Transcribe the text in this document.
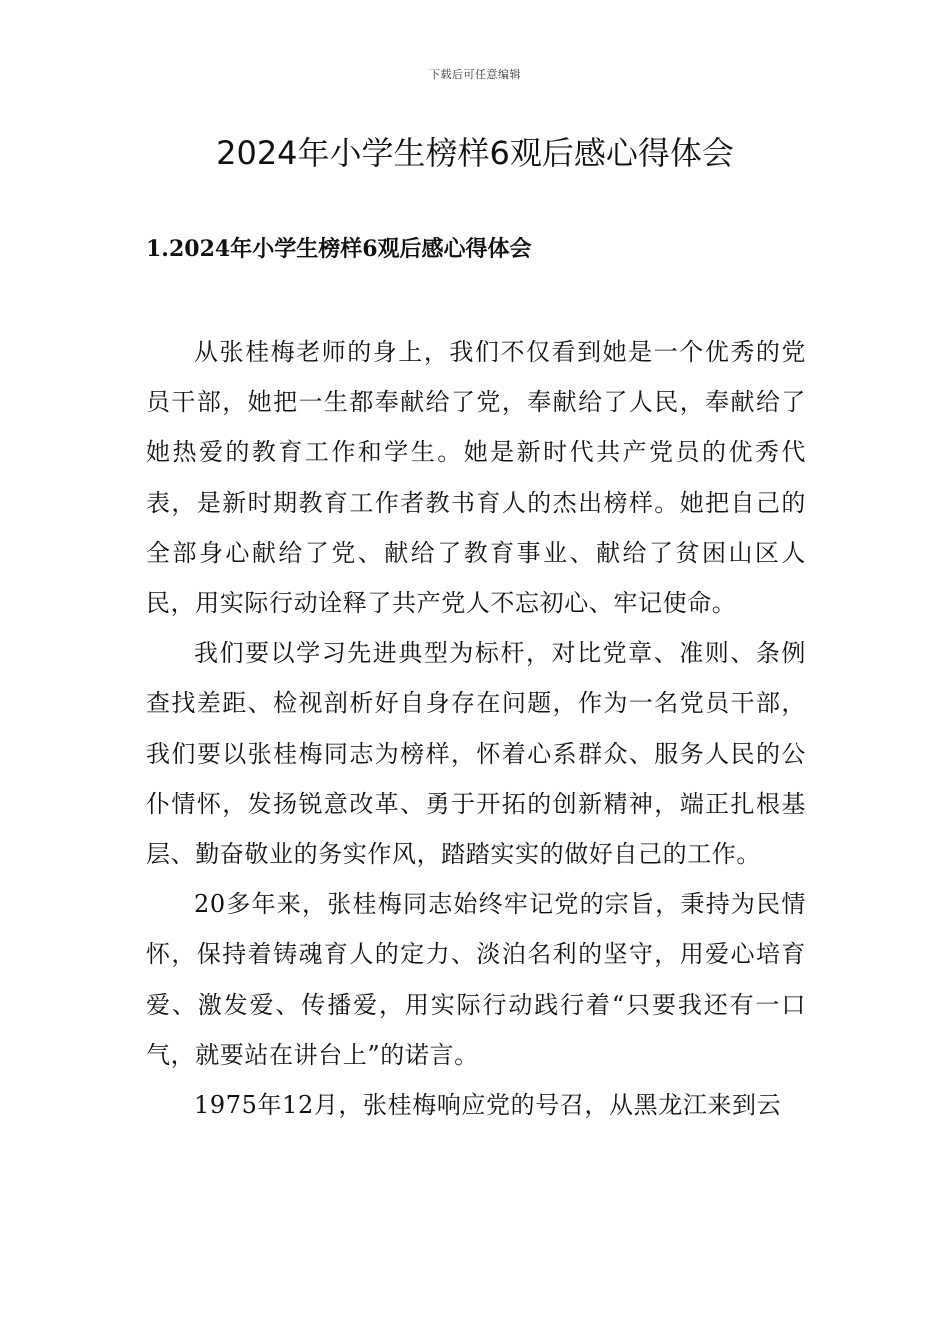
下载后可任意编辑
2024年小学生榜样6观后感心得体会
1.2024年小学生榜样6观后感心得体会

从张桂梅老师的身上，我们不仅看到她是一个优秀的党员干部，她把一生都奉献给了党，奉献给了人民，奉献给了她热爱的教育工作和学生。她是新时代共产党员的优秀代表，是新时期教育工作者教书育人的杰出榜样。她把自己的全部身心献给了党、献给了教育事业、献给了贫困山区人民，用实际行动诠释了共产党人不忘初心、牢记使命。

我们要以学习先进典型为标杆，对比党章、准则、条例查找差距、检视剖析好自身存在问题，作为一名党员干部，我们要以张桂梅同志为榜样，怀着心系群众、服务人民的公仆情怀，发扬锐意改革、勇于开拓的创新精神，端正扎根基层、勤奋敬业的务实作风，踏踏实实的做好自己的工作。

20多年来，张桂梅同志始终牢记党的宗旨，秉持为民情怀，保持着铸魂育人的定力、淡泊名利的坚守，用爱心培育爱、激发爱、传播爱，用实际行动践行着“只要我还有一口气，就要站在讲台上”的诺言。

1975年12月，张桂梅响应党的号召，从黑龙江来到云
